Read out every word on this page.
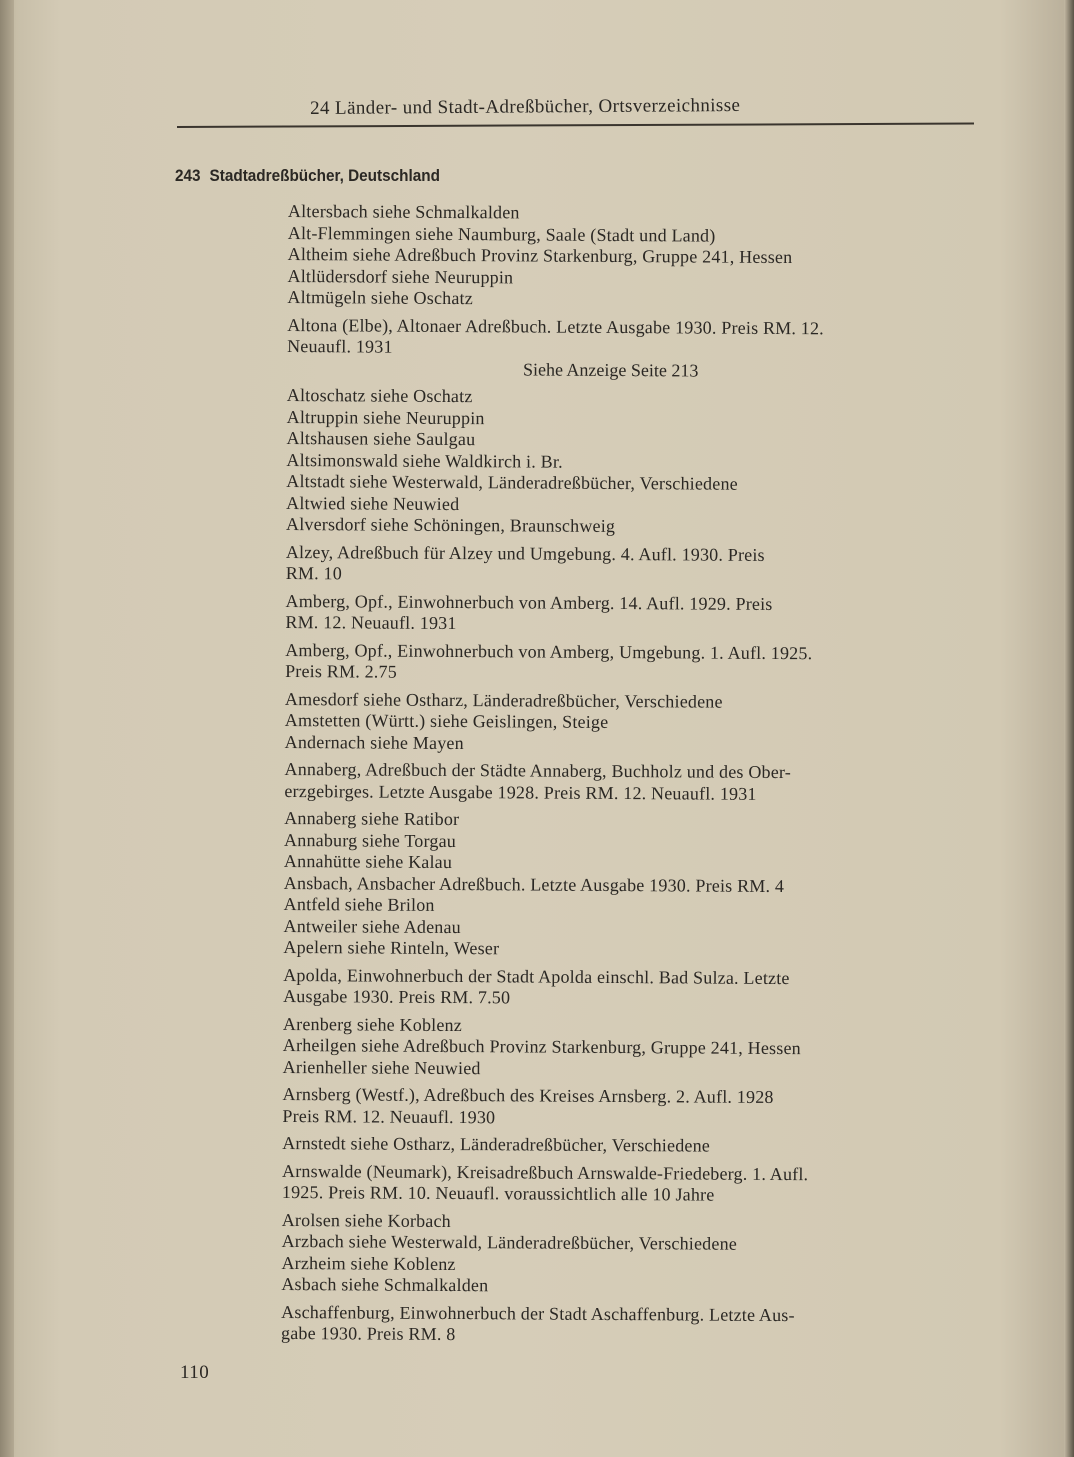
24 Länder- und Stadt-Adreßbücher, Ortsverzeichnisse
243 Stadtadreßbücher, Deutschland
Altersbach siehe Schmalkalden
Alt-Flemmingen siehe Naumburg, Saale (Stadt und Land)
Altheim siehe Adreßbuch Provinz Starkenburg, Gruppe 241, Hessen
Altlüdersdorf siehe Neuruppin
Altmügeln siehe Oschatz
Altona (Elbe), Altonaer Adreßbuch. Letzte Ausgabe 1930. Preis RM. 12.
Neuaufl. 1931
Siehe Anzeige Seite 213
Altoschatz siehe Oschatz
Altruppin siehe Neuruppin
Altshausen siehe Saulgau
Altsimonswald siehe Waldkirch i. Br.
Altstadt siehe Westerwald, Länderadreßbücher, Verschiedene
Altwied siehe Neuwied
Alversdorf siehe Schöningen, Braunschweig
Alzey, Adreßbuch für Alzey und Umgebung. 4. Aufl. 1930. Preis
RM. 10
Amberg, Opf., Einwohnerbuch von Amberg. 14. Aufl. 1929. Preis
RM. 12. Neuaufl. 1931
Amberg, Opf., Einwohnerbuch von Amberg, Umgebung. 1. Aufl. 1925.
Preis RM. 2.75
Amesdorf siehe Ostharz, Länderadreßbücher, Verschiedene
Amstetten (Württ.) siehe Geislingen, Steige
Andernach siehe Mayen
Annaberg, Adreßbuch der Städte Annaberg, Buchholz und des Ober-
erzgebirges. Letzte Ausgabe 1928. Preis RM. 12. Neuaufl. 1931
Annaberg siehe Ratibor
Annaburg siehe Torgau
Annahütte siehe Kalau
Ansbach, Ansbacher Adreßbuch. Letzte Ausgabe 1930. Preis RM. 4
Antfeld siehe Brilon
Antweiler siehe Adenau
Apelern siehe Rinteln, Weser
Apolda, Einwohnerbuch der Stadt Apolda einschl. Bad Sulza. Letzte
Ausgabe 1930. Preis RM. 7.50
Arenberg siehe Koblenz
Arheilgen siehe Adreßbuch Provinz Starkenburg, Gruppe 241, Hessen
Arienheller siehe Neuwied
Arnsberg (Westf.), Adreßbuch des Kreises Arnsberg. 2. Aufl. 1928
Preis RM. 12. Neuaufl. 1930
Arnstedt siehe Ostharz, Länderadreßbücher, Verschiedene
Arnswalde (Neumark), Kreisadreßbuch Arnswalde-Friedeberg. 1. Aufl.
1925. Preis RM. 10. Neuaufl. voraussichtlich alle 10 Jahre
Arolsen siehe Korbach
Arzbach siehe Westerwald, Länderadreßbücher, Verschiedene
Arzheim siehe Koblenz
Asbach siehe Schmalkalden
Aschaffenburg, Einwohnerbuch der Stadt Aschaffenburg. Letzte Aus-
gabe 1930. Preis RM. 8
110
